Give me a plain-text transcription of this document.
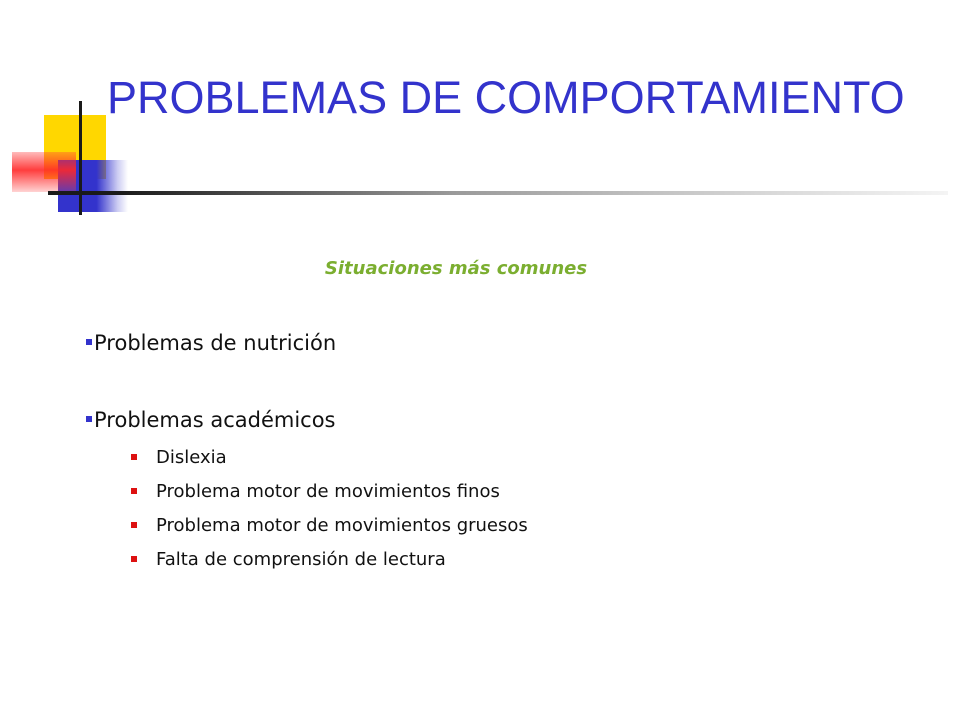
PROBLEMAS DE COMPORTAMIENTO
Situaciones más comunes
Problemas de nutrición
Problemas académicos
Dislexia
Problema motor de movimientos finos
Problema motor de movimientos gruesos
Falta de comprensión de lectura
